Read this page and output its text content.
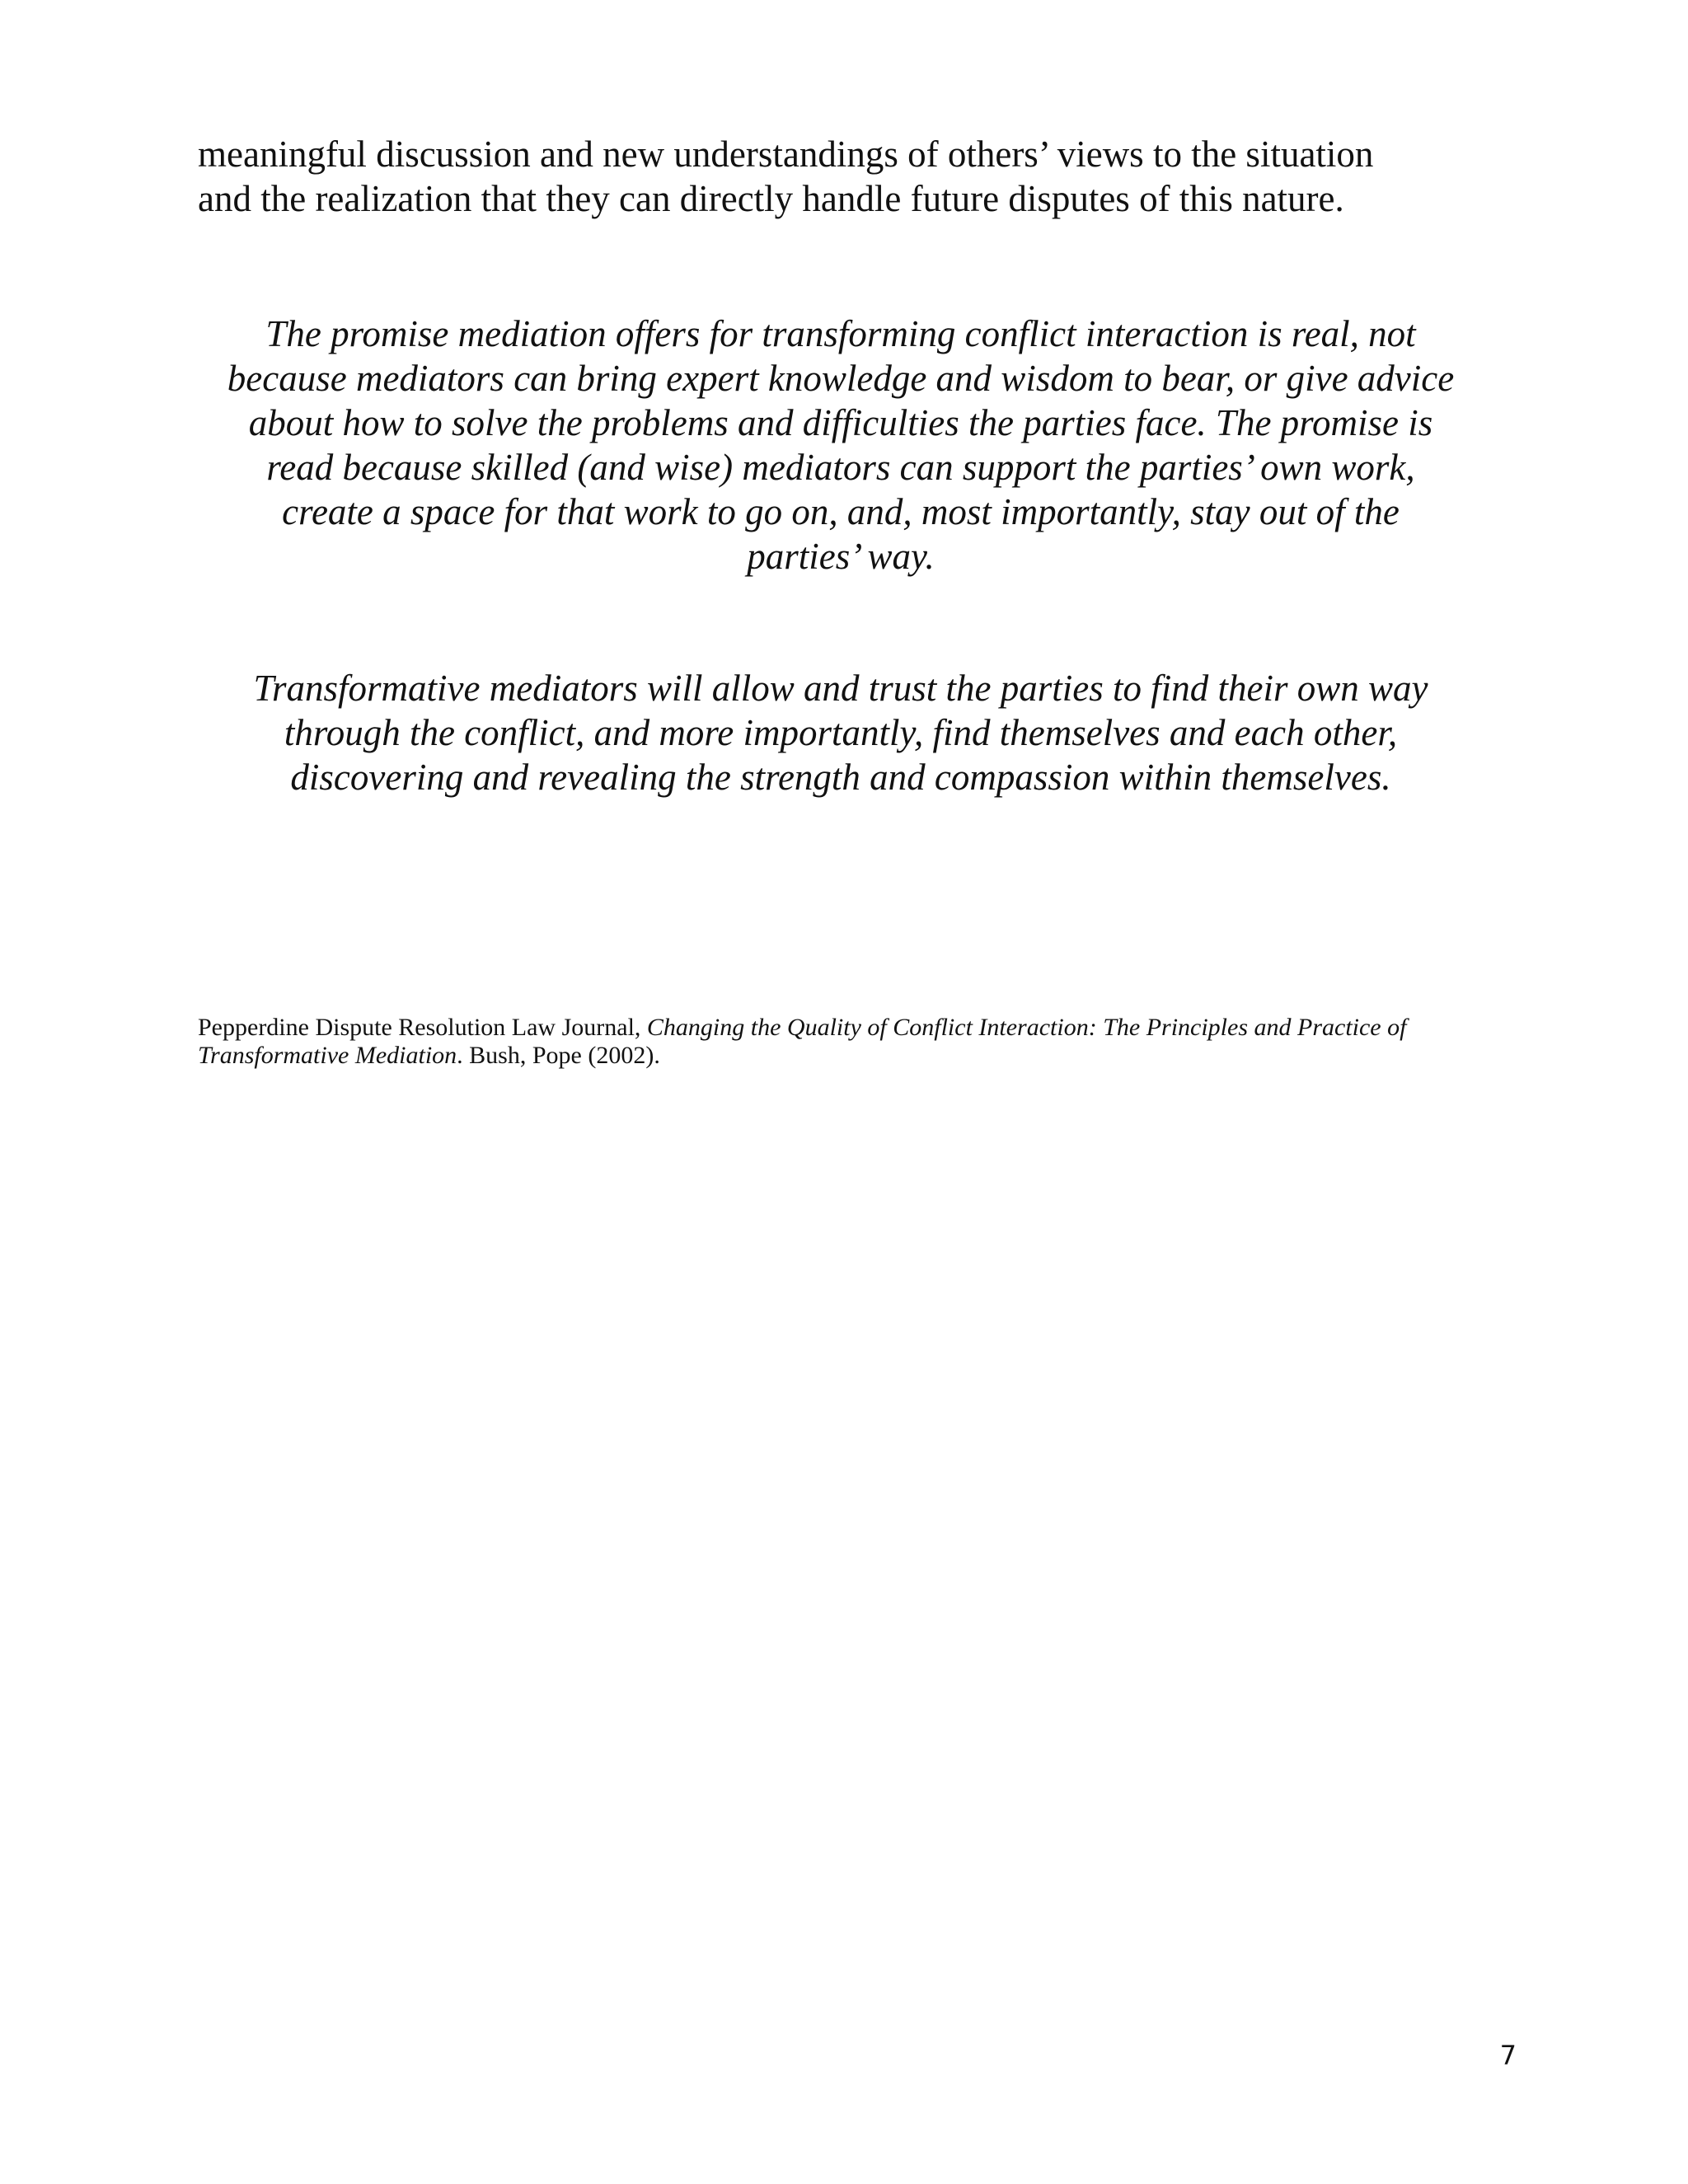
meaningful discussion and new understandings of others’ views to the situation
and the realization that they can directly handle future disputes of this nature.

The promise mediation offers for transforming conflict interaction is real, not
because mediators can bring expert knowledge and wisdom to bear, or give advice
about how to solve the problems and difficulties the parties face. The promise is
read because skilled (and wise) mediators can support the parties’ own work,
create a space for that work to go on, and, most importantly, stay out of the
parties’ way.

Transformative mediators will allow and trust the parties to find their own way
through the conflict, and more importantly, find themselves and each other,
discovering and revealing the strength and compassion within themselves.

Pepperdine Dispute Resolution Law Journal, Changing the Quality of Conflict Interaction: The Principles and Practice of Transformative Mediation. Bush, Pope (2002).

7
